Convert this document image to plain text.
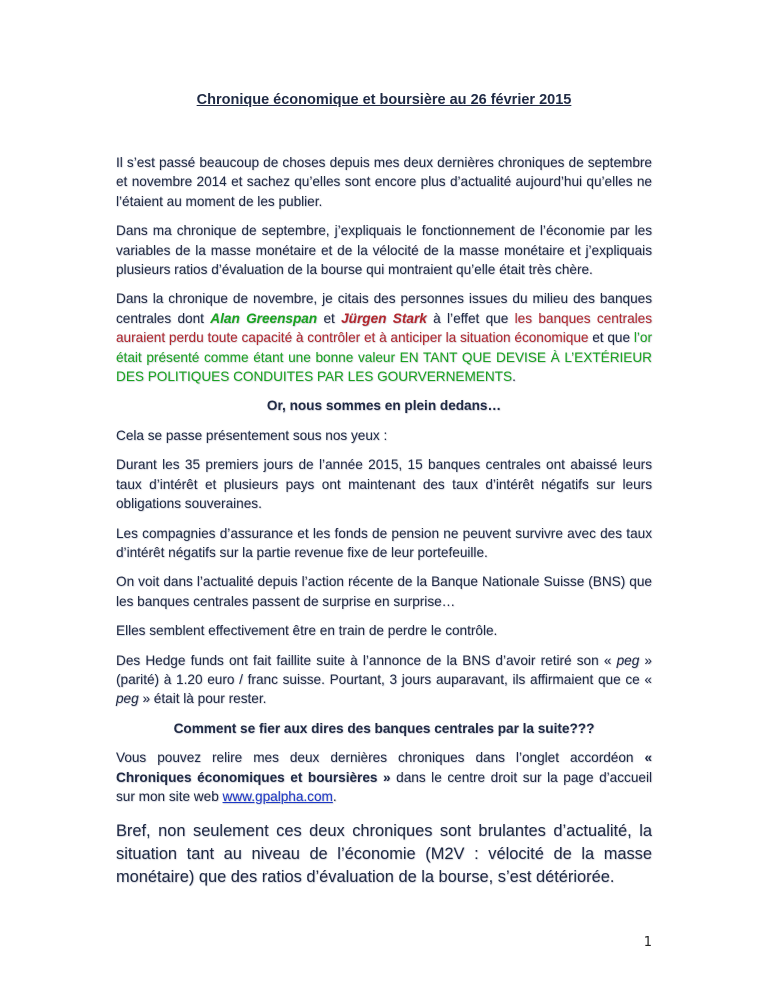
Chronique économique et boursière au 26 février 2015

Il s’est passé beaucoup de choses depuis mes deux dernières chroniques de septembre et novembre 2014 et sachez qu’elles sont encore plus d’actualité aujourd’hui qu’elles ne l’étaient au moment de les publier.

Dans ma chronique de septembre, j’expliquais le fonctionnement de l’économie par les variables de la masse monétaire et de la vélocité de la masse monétaire et j’expliquais plusieurs ratios d’évaluation de la bourse qui montraient qu’elle était très chère.

Dans la chronique de novembre, je citais des personnes issues du milieu des banques centrales dont Alan Greenspan et Jürgen Stark à l’effet que les banques centrales auraient perdu toute capacité à contrôler et à anticiper la situation économique et que l’or était présenté comme étant une bonne valeur EN TANT QUE DEVISE À L’EXTÉRIEUR DES POLITIQUES CONDUITES PAR LES GOURVERNEMENTS.

Or, nous sommes en plein dedans…

Cela se passe présentement sous nos yeux :

Durant les 35 premiers jours de l’année 2015, 15 banques centrales ont abaissé leurs taux d’intérêt et plusieurs pays ont maintenant des taux d’intérêt négatifs sur leurs obligations souveraines.

Les compagnies d’assurance et les fonds de pension ne peuvent survivre avec des taux d’intérêt négatifs sur la partie revenue fixe de leur portefeuille.

On voit dans l’actualité depuis l’action récente de la Banque Nationale Suisse (BNS) que les banques centrales passent de surprise en surprise…

Elles semblent effectivement être en train de perdre le contrôle.

Des Hedge funds ont fait faillite suite à l’annonce de la BNS d’avoir retiré son « peg » (parité) à 1.20 euro / franc suisse. Pourtant, 3 jours auparavant, ils affirmaient que ce « peg » était là pour rester.

Comment se fier aux dires des banques centrales par la suite???

Vous pouvez relire mes deux dernières chroniques dans l’onglet accordéon « Chroniques économiques et boursières » dans le centre droit sur la page d’accueil sur mon site web www.gpalpha.com.

Bref, non seulement ces deux chroniques sont brulantes d’actualité, la situation tant au niveau de l’économie (M2V : vélocité de la masse monétaire) que des ratios d’évaluation de la bourse, s’est détériorée.

1
